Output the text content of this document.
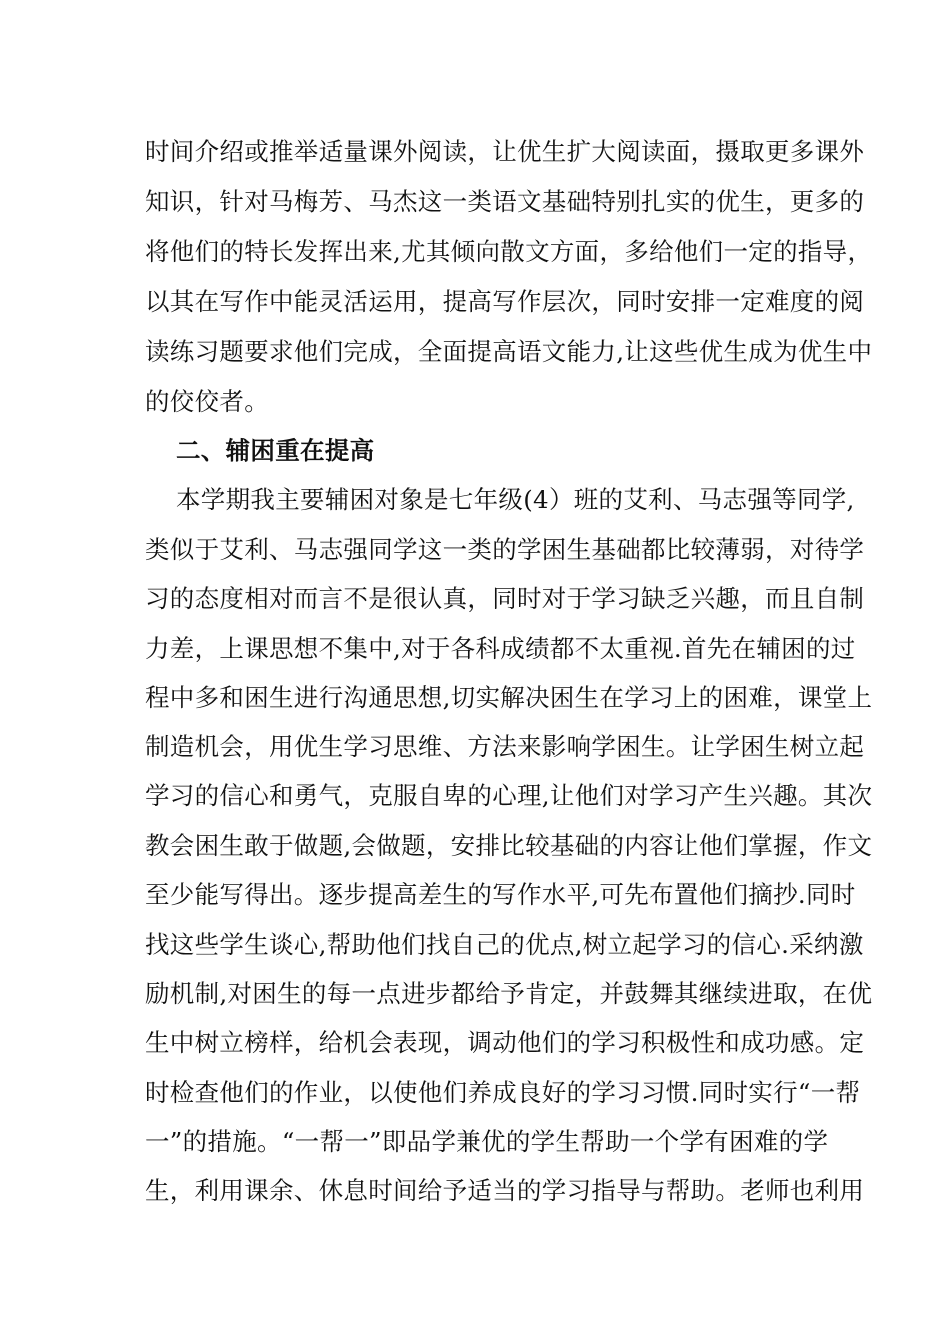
时间介绍或推举适量课外阅读，让优生扩大阅读面，摄取更多课外
知识，针对马梅芳、马杰这一类语文基础特别扎实的优生，更多的
将他们的特长发挥出来,尤其倾向散文方面，多给他们一定的指导，
以其在写作中能灵活运用，提高写作层次，同时安排一定难度的阅
读练习题要求他们完成，全面提高语文能力,让这些优生成为优生中
的佼佼者。
二、辅困重在提高
本学期我主要辅困对象是七年级(4）班的艾利、马志强等同学,
类似于艾利、马志强同学这一类的学困生基础都比较薄弱，对待学
习的态度相对而言不是很认真，同时对于学习缺乏兴趣，而且自制
力差，上课思想不集中,对于各科成绩都不太重视.首先在辅困的过
程中多和困生进行沟通思想,切实解决困生在学习上的困难，课堂上
制造机会，用优生学习思维、方法来影响学困生。让学困生树立起
学习的信心和勇气，克服自卑的心理,让他们对学习产生兴趣。其次
教会困生敢于做题,会做题，安排比较基础的内容让他们掌握，作文
至少能写得出。逐步提高差生的写作水平,可先布置他们摘抄.同时
找这些学生谈心,帮助他们找自己的优点,树立起学习的信心.采纳激
励机制,对困生的每一点进步都给予肯定，并鼓舞其继续进取，在优
生中树立榜样，给机会表现，调动他们的学习积极性和成功感。定
时检查他们的作业，以使他们养成良好的学习习惯.同时实行“一帮
一”的措施。“一帮一”即品学兼优的学生帮助一个学有困难的学
生，利用课余、休息时间给予适当的学习指导与帮助。老师也利用
